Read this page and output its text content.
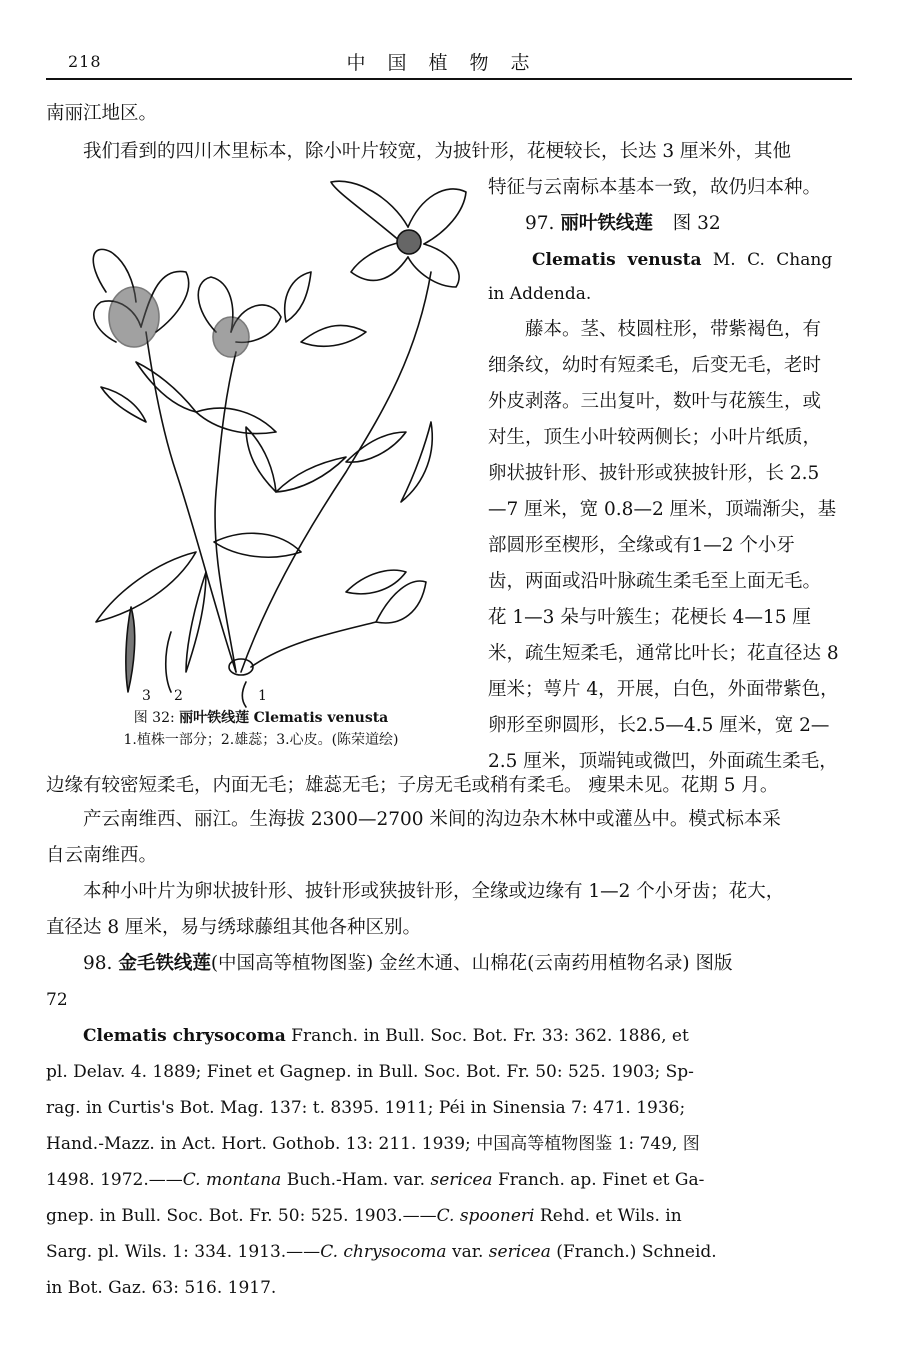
218	中国植物志
南丽江地区。
我们看到的四川木里标本，除小叶片较宽，为披针形，花梗较长，长达 3 厘米外，其他
特征与云南标本基本一致，故仍归本种。
97. 丽叶铁线莲 图 32
Clematis venusta M. C. Chang
in Addenda.
藤本。茎、枝圆柱形，带紫褐色，有
细条纹，幼时有短柔毛，后变无毛，老时
外皮剥落。三出复叶，数叶与花簇生，或
对生，顶生小叶较两侧长；小叶片纸质，
卵状披针形、披针形或狭披针形，长 2.5
—7 厘米，宽 0.8—2 厘米，顶端渐尖，基
部圆形至楔形，全缘或有1—2 个小牙
齿，两面或沿叶脉疏生柔毛至上面无毛。
花 1—3 朵与叶簇生；花梗长 4—15 厘
米，疏生短柔毛，通常比叶长；花直径达 8
厘米；萼片 4，开展，白色，外面带紫色，
卵形至卵圆形，长2.5—4.5 厘米，宽 2—
2.5 厘米，顶端钝或微凹，外面疏生柔毛，
3 2	1
图 32: 丽叶铁线莲 Clematis venusta
1.植株一部分；2.雄蕊；3.心皮。(陈荣道绘)
边缘有较密短柔毛，内面无毛；雄蕊无毛；子房无毛或稍有柔毛。 瘦果未见。花期 5 月。
产云南维西、丽江。生海拔 2300—2700 米间的沟边杂木林中或灌丛中。模式标本采
自云南维西。
本种小叶片为卵状披针形、披针形或狭披针形，全缘或边缘有 1—2 个小牙齿；花大，
直径达 8 厘米，易与绣球藤组其他各种区别。
98. 金毛铁线莲(中国高等植物图鉴) 金丝木通、山棉花(云南药用植物名录) 图版
72
Clematis chrysocoma Franch. in Bull. Soc. Bot. Fr. 33: 362. 1886, et
pl. Delav. 4. 1889; Finet et Gagnep. in Bull. Soc. Bot. Fr. 50: 525. 1903; Sp-
rag. in Curtis's Bot. Mag. 137: t. 8395. 1911; Péi in Sinensia 7: 471. 1936;
Hand.-Mazz. in Act. Hort. Gothob. 13: 211. 1939; 中国高等植物图鉴 1: 749, 图
1498. 1972.——C. montana Buch.-Ham. var. sericea Franch. ap. Finet et Ga-
gnep. in Bull. Soc. Bot. Fr. 50: 525. 1903.——C. spooneri Rehd. et Wils. in
Sarg. pl. Wils. 1: 334. 1913.——C. chrysocoma var. sericea (Franch.) Schneid.
in Bot. Gaz. 63: 516. 1917.
